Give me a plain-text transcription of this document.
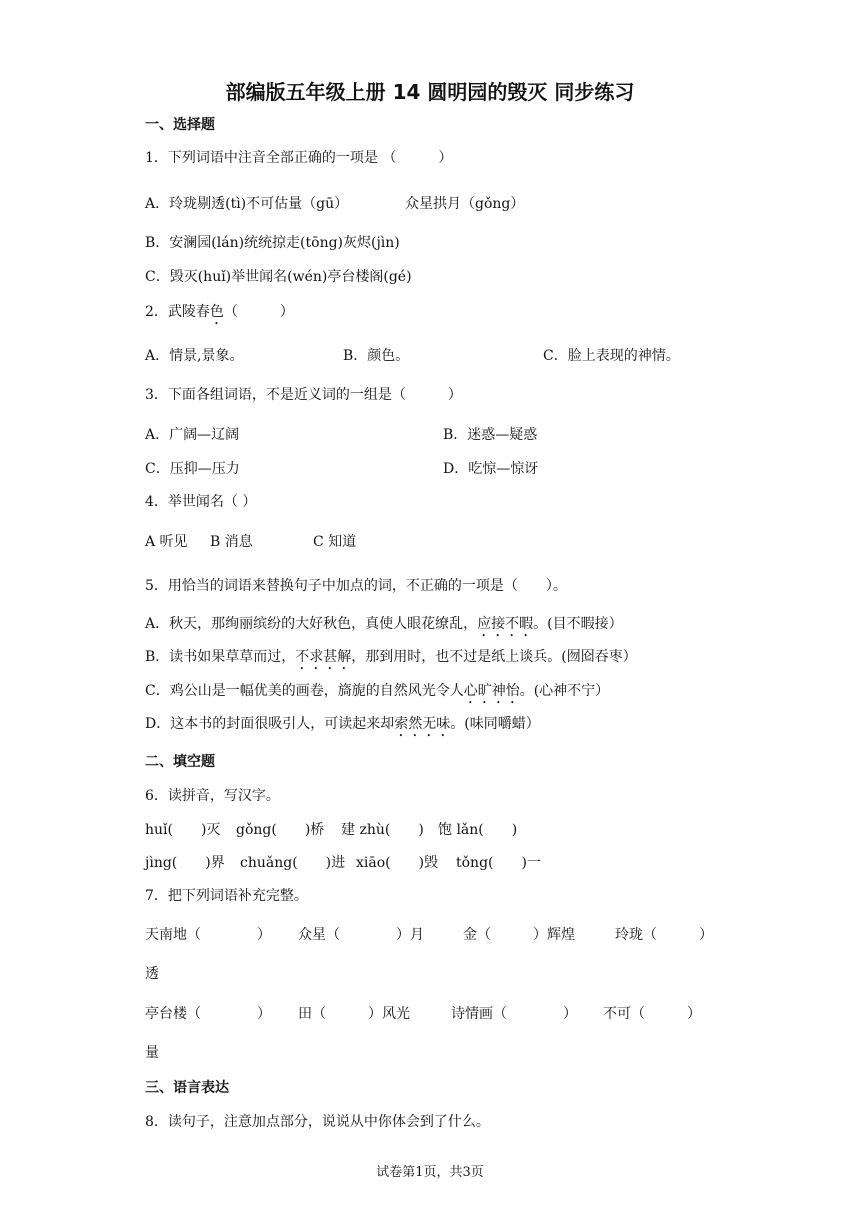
部编版五年级上册 14 圆明园的毁灭 同步练习
一、选择题
1．下列词语中注音全部正确的一项是 （　　　）
A．玲珑剔透(tì)不可估量（gū）	众星拱月（gǒng）
B．安澜园(lán)统统掠走(tōng)灰烬(jìn)
C．毁灭(huǐ)举世闻名(wén)亭台楼阁(gé)
2．武陵春色（　　　）
A．情景,景象。	B．颜色。	C．脸上表现的神情。
3．下面各组词语，不是近义词的一组是（　　　）
A．广阔—辽阔	B．迷惑—疑惑
C．压抑—压力	D．吃惊—惊讶
4．举世闻名（ ）
A 听见 B 消息	C 知道
5．用恰当的词语来替换句子中加点的词，不正确的一项是（　　）。
A．秋天，那绚丽缤纷的大好秋色，真使人眼花缭乱，应接不暇。(目不暇接）
B．读书如果草草而过，不求甚解，那到用时，也不过是纸上谈兵。(囫囵吞枣）
C．鸡公山是一幅优美的画卷，旖旎的自然风光令人心旷神怡。(心神不宁）
D．这本书的封面很吸引人，可读起来却索然无味。(味同嚼蜡）
二、填空题
6．读拼音，写汉字。
huǐ(　　)灭 gǒng(　　)桥 建 zhù(　　) 饱 lǎn(　　)
jìng(　　)界 chuǎng(　　)进 xiāo(　　)毁 tǒng(　　)一
7．把下列词语补充完整。
天南地（　　　　） 众星（　　　　）月	金（　　　）辉煌	玲珑（　　　）
透
亭台楼（　　　　） 田（　　　）风光	诗情画（　　　　） 不可（　　　）
量
三、语言表达
8．读句子，注意加点部分，说说从中你体会到了什么。
试卷第1页，共3页
